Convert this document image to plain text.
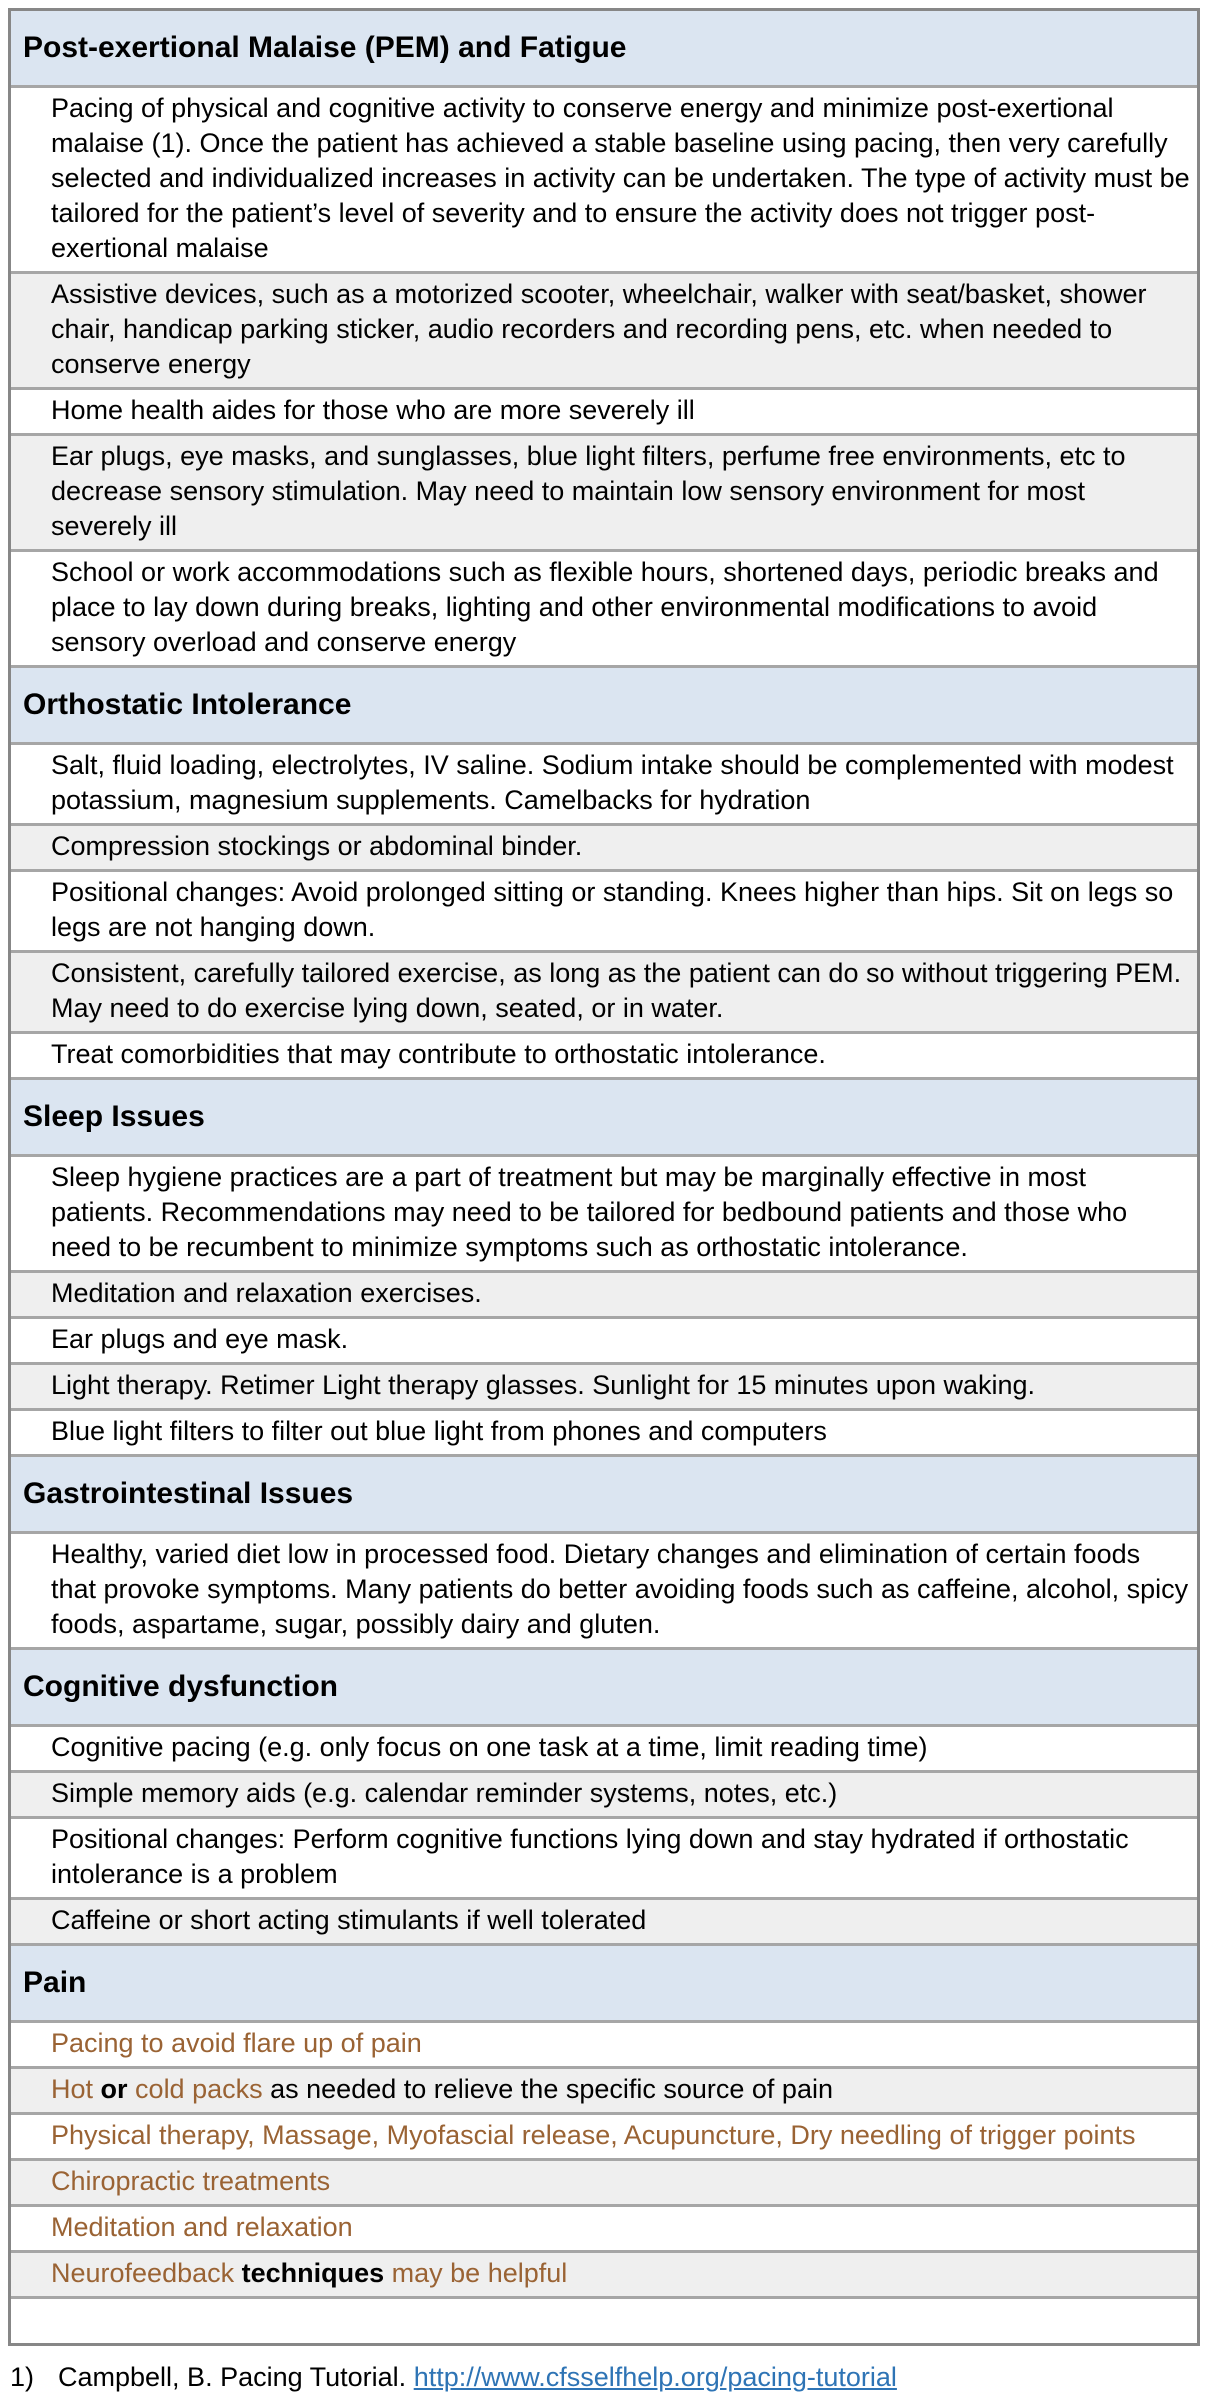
Post-exertional Malaise (PEM) and Fatigue
Pacing of physical and cognitive activity to conserve energy and minimize post-exertional malaise (1). Once the patient has achieved a stable baseline using pacing, then very carefully selected and individualized increases in activity can be undertaken. The type of activity must be tailored for the patient’s level of severity and to ensure the activity does not trigger post-exertional malaise
Assistive devices, such as a motorized scooter, wheelchair, walker with seat/basket, shower chair, handicap parking sticker, audio recorders and recording pens, etc. when needed to conserve energy
Home health aides for those who are more severely ill
Ear plugs, eye masks, and sunglasses, blue light filters, perfume free environments, etc to decrease sensory stimulation. May need to maintain low sensory environment for most severely ill
School or work accommodations such as flexible hours, shortened days, periodic breaks and place to lay down during breaks, lighting and other environmental modifications to avoid sensory overload and conserve energy
Orthostatic Intolerance
Salt, fluid loading, electrolytes, IV saline. Sodium intake should be complemented with modest potassium, magnesium supplements. Camelbacks for hydration
Compression stockings or abdominal binder.
Positional changes: Avoid prolonged sitting or standing. Knees higher than hips. Sit on legs so legs are not hanging down.
Consistent, carefully tailored exercise, as long as the patient can do so without triggering PEM. May need to do exercise lying down, seated, or in water.
Treat comorbidities that may contribute to orthostatic intolerance.
Sleep Issues
Sleep hygiene practices are a part of treatment but may be marginally effective in most patients. Recommendations may need to be tailored for bedbound patients and those who need to be recumbent to minimize symptoms such as orthostatic intolerance.
Meditation and relaxation exercises.
Ear plugs and eye mask.
Light therapy. Retimer Light therapy glasses. Sunlight for 15 minutes upon waking.
Blue light filters to filter out blue light from phones and computers
Gastrointestinal Issues
Healthy, varied diet low in processed food. Dietary changes and elimination of certain foods that provoke symptoms. Many patients do better avoiding foods such as caffeine, alcohol, spicy foods, aspartame, sugar, possibly dairy and gluten.
Cognitive dysfunction
Cognitive pacing (e.g. only focus on one task at a time, limit reading time)
Simple memory aids (e.g. calendar reminder systems, notes, etc.)
Positional changes: Perform cognitive functions lying down and stay hydrated if orthostatic intolerance is a problem
Caffeine or short acting stimulants if well tolerated
Pain
Pacing to avoid flare up of pain
Hot or cold packs as needed to relieve the specific source of pain
Physical therapy, Massage, Myofascial release, Acupuncture, Dry needling of trigger points
Chiropractic treatments
Meditation and relaxation
Neurofeedback techniques may be helpful
1) Campbell, B. Pacing Tutorial. http://www.cfsselfhelp.org/pacing-tutorial
